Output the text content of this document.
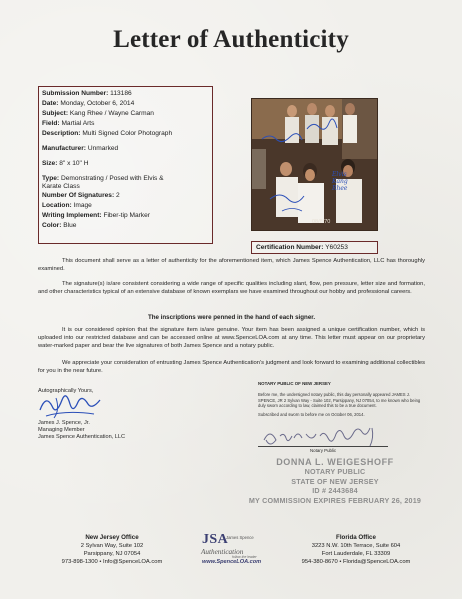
Letter of Authenticity
Submission Number: 113186
Date: Monday, October 6, 2014
Subject: Kang Rhee / Wayne Carman
Field: Martial Arts
Description: Multi Signed Color Photograph
Manufacturer: Unmarked
Size: 8" x 10" H
Type: Demonstrating / Posed with Elvis &
Karate Class
Number Of Signatures: 2
Location: Image
Writing Implement: Fiber-tip Marker
Color: Blue
Elvis
Kang
Rhee
08/8/70
Certification Number: Y60253
This document shall serve as a letter of authenticity for the aforementioned item, which James Spence Authentication, LLC has thoroughly examined.
The signature(s) is/are consistent considering a wide range of specific qualities including slant, flow, pen pressure, letter size and formation, and other characteristics typical of an extensive database of known exemplars we have examined throughout our hobby and professional careers.
The inscriptions were penned in the hand of each signer.
It is our considered opinion that the signature item is/are genuine. Your item has been assigned a unique certification number, which is uploaded into our restricted database and can be accessed online at www.SpenceLOA.com at any time. This letter must appear on our proprietary water-marked paper and bear the live signatures of both James Spence and a notary public.
We appreciate your consideration of entrusting James Spence Authentication's judgment and look forward to examining additional collectibles for you in the near future.
Autographically Yours,
James J. Spence, Jr.
Managing Member
James Spence Authentication, LLC
NOTARY PUBLIC OF NEW JERSEY
Before me, the undersigned notary public, this day personally appeared JAMES J. SPENCE, JR 2 Sylvan Way - Suite 102, Parsippany, NJ 07054, to me known who being duly sworn according to law, claimed this to be a true document.
Subscribed and sworn to before me on October 06, 2014.
Notary Public
DONNA L. WEIGESHOFF
NOTARY PUBLIC
STATE OF NEW JERSEY
ID # 2443684
MY COMMISSION EXPIRES FEBRUARY 26, 2019
New Jersey Office
2 Sylvan Way, Suite 102
Parsippany, NJ 07054
973-898-1300 • Info@SpenceLOA.com
JSA
James Spence
Authentication
follow the leader
www.SpenceLOA.com
Florida Office
3223 N.W. 10th Terrace, Suite 604
Fort Lauderdale, FL 33309
954-380-8670 • Florida@SpenceLOA.com
